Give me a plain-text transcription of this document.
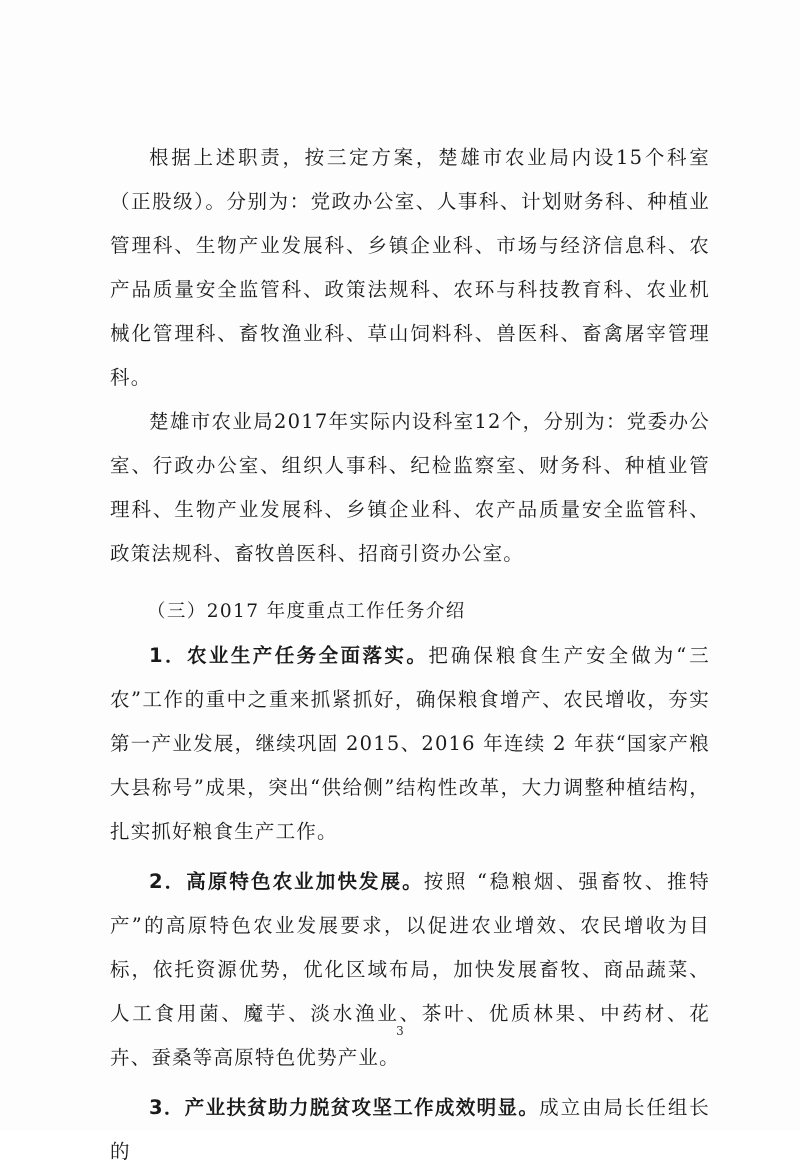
根据上述职责，按三定方案，楚雄市农业局内设15个科室（正股级）。分别为：党政办公室、人事科、计划财务科、种植业管理科、生物产业发展科、乡镇企业科、市场与经济信息科、农产品质量安全监管科、政策法规科、农环与科技教育科、农业机械化管理科、畜牧渔业科、草山饲料科、兽医科、畜禽屠宰管理科。

楚雄市农业局2017年实际内设科室12个，分别为：党委办公室、行政办公室、组织人事科、纪检监察室、财务科、种植业管理科、生物产业发展科、乡镇企业科、农产品质量安全监管科、政策法规科、畜牧兽医科、招商引资办公室。

（三）2017 年度重点工作任务介绍

1．农业生产任务全面落实。把确保粮食生产安全做为“三农”工作的重中之重来抓紧抓好，确保粮食增产、农民增收，夯实第一产业发展，继续巩固 2015、2016 年连续 2 年获“国家产粮大县称号”成果，突出“供给侧”结构性改革，大力调整种植结构，扎实抓好粮食生产工作。

2．高原特色农业加快发展。按照 “稳粮烟、强畜牧、推特产”的高原特色农业发展要求，以促进农业增效、农民增收为目标，依托资源优势，优化区域布局，加快发展畜牧、商品蔬菜、人工食用菌、魔芋、淡水渔业、茶叶、优质林果、中药材、花卉、蚕桑等高原特色优势产业。

3．产业扶贫助力脱贫攻坚工作成效明显。成立由局长任组长的

3
